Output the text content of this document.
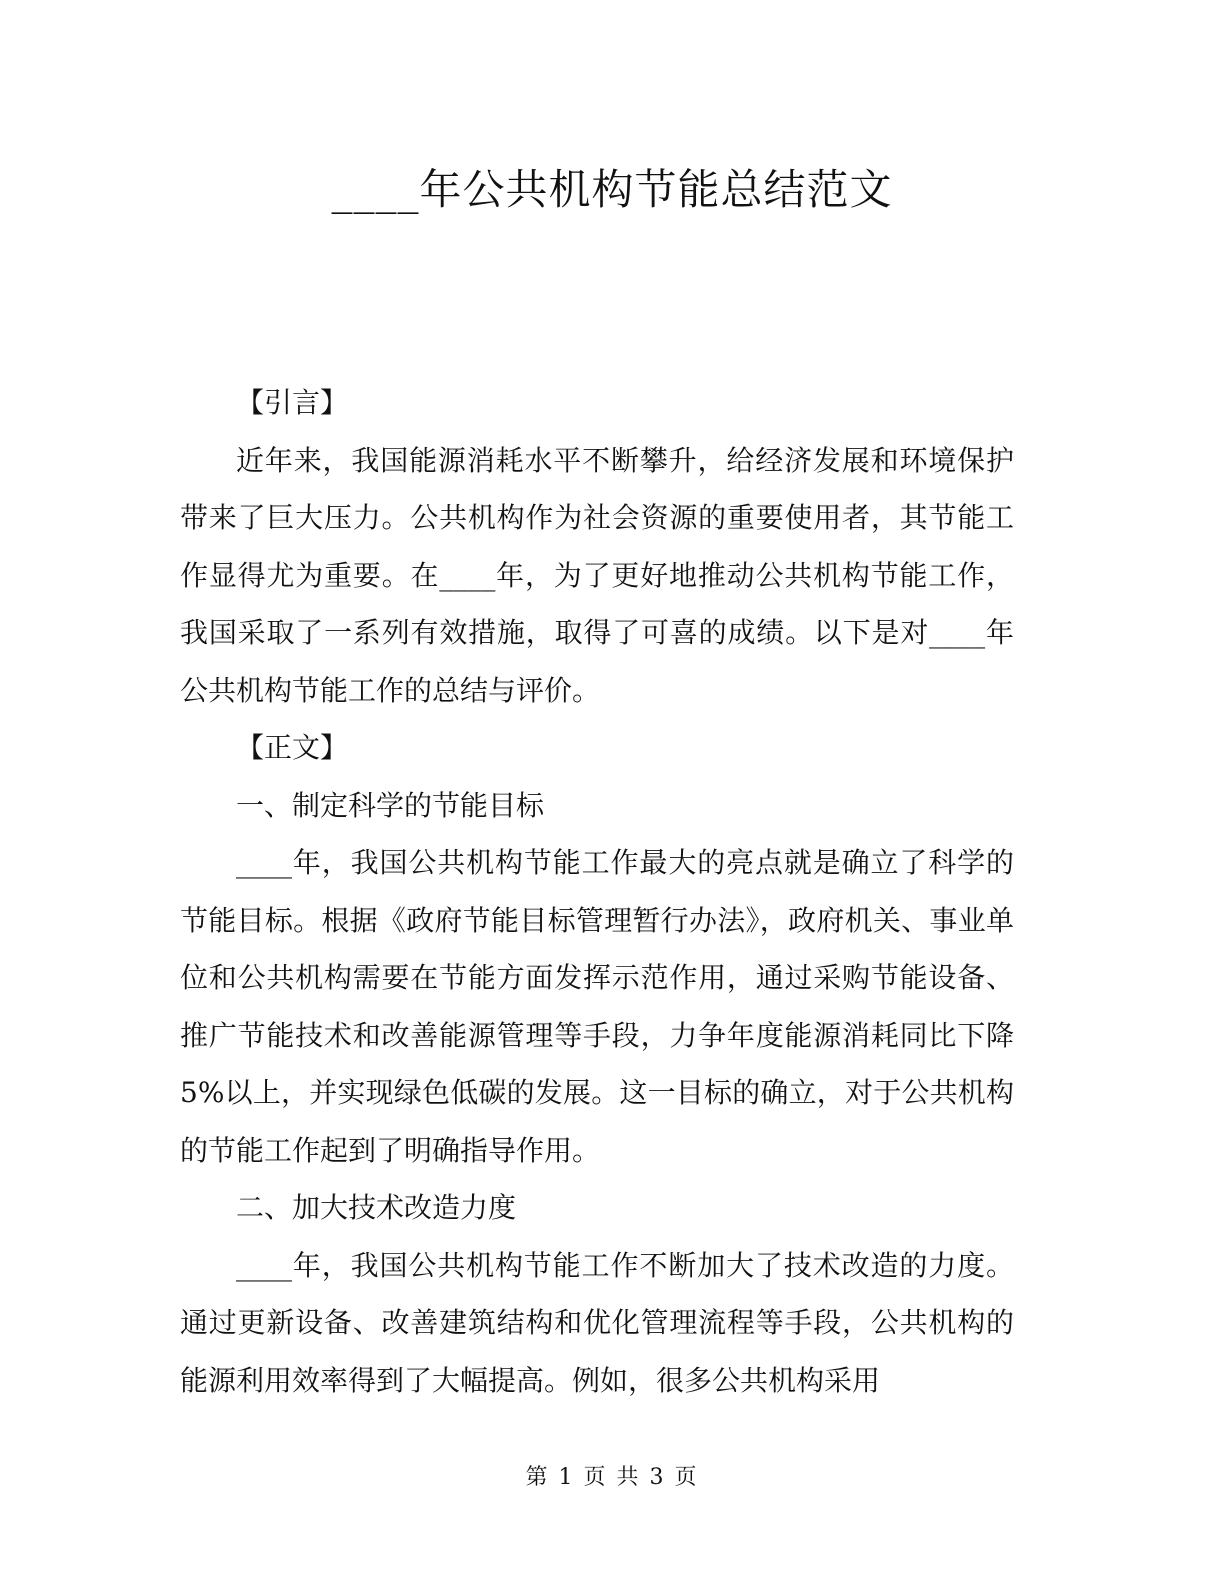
____年公共机构节能总结范文

【引言】

近年来，我国能源消耗水平不断攀升，给经济发展和环境保护带来了巨大压力。公共机构作为社会资源的重要使用者，其节能工作显得尤为重要。在____年，为了更好地推动公共机构节能工作，我国采取了一系列有效措施，取得了可喜的成绩。以下是对____年公共机构节能工作的总结与评价。

【正文】

一、制定科学的节能目标

____年，我国公共机构节能工作最大的亮点就是确立了科学的节能目标。根据《政府节能目标管理暂行办法》，政府机关、事业单位和公共机构需要在节能方面发挥示范作用，通过采购节能设备、推广节能技术和改善能源管理等手段，力争年度能源消耗同比下降 5%以上，并实现绿色低碳的发展。这一目标的确立，对于公共机构的节能工作起到了明确指导作用。

二、加大技术改造力度

____年，我国公共机构节能工作不断加大了技术改造的力度。通过更新设备、改善建筑结构和优化管理流程等手段，公共机构的能源利用效率得到了大幅提高。例如，很多公共机构采用

第 1 页 共 3 页
